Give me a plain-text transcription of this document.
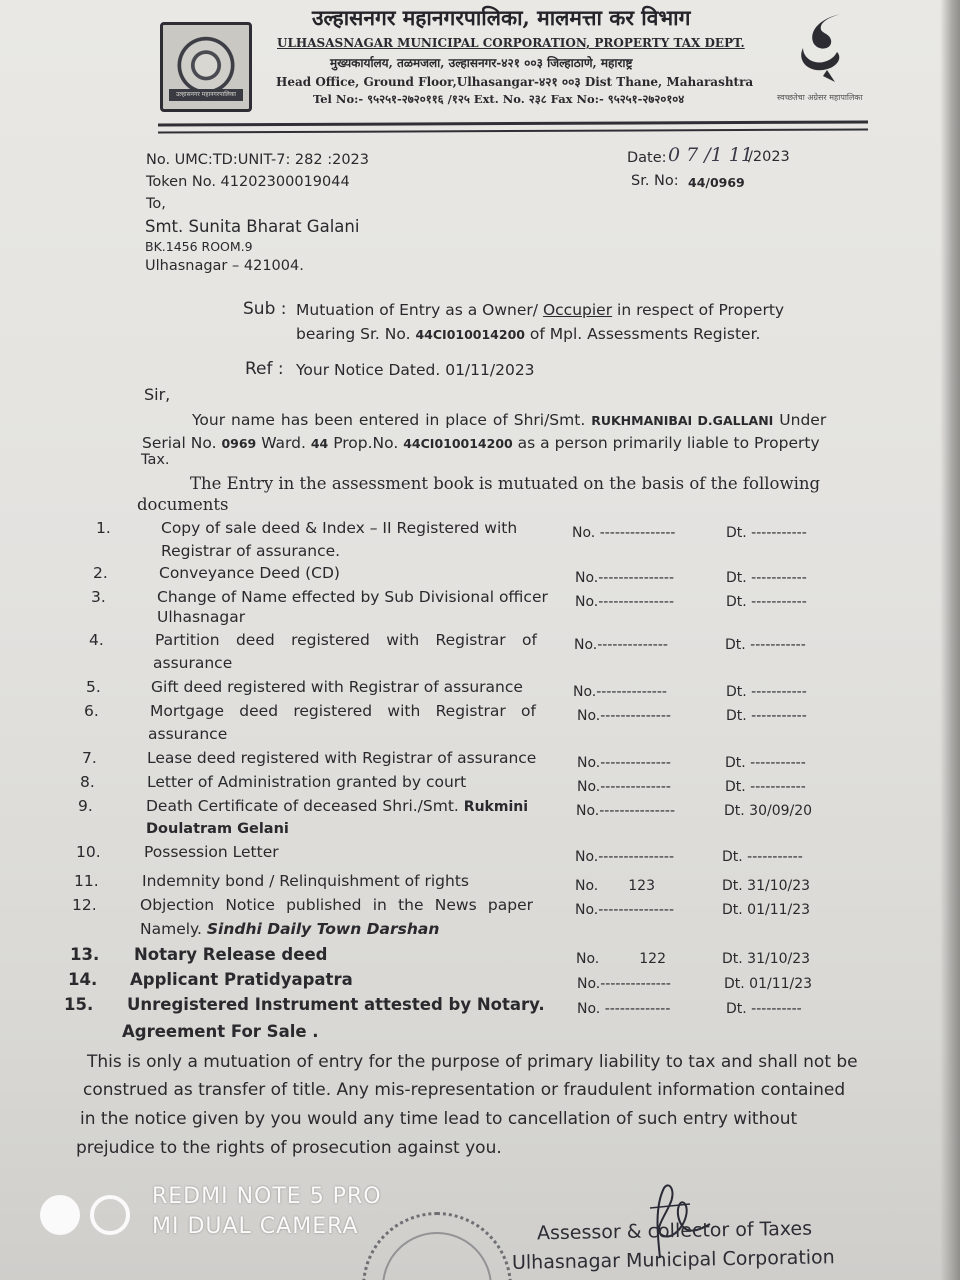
उल्हासनगर महानगरपालिका
उल्हासनगर महानगरपालिका, मालमत्ता कर विभाग
ULHASASNAGAR MUNICIPAL CORPORATION, PROPERTY TAX DEPT.
मुख्यकार्यालय, तळमजला, उल्हासनगर-४२१ ००३ जिल्हाठाणे, महाराष्ट्र
Head Office, Ground Floor,Ulhasangar-४२१ ००३ Dist Thane, Maharashtra
Tel No:- ९५२५१-२७२०११६ /१२५ Ext. No. २३८ Fax No:- ९५२५१-२७२०१०४	स्वच्छतेचा अग्रेसर महापालिका
No. UMC:TD:UNIT-7: 282 :2023
Token No. 41202300019044
Date: 0 7 /1 11
/2023
Sr. No: 44/0969
To,
Smt. Sunita Bharat Galani
BK.1456 ROOM.9
Ulhasnagar – 421004.
Sub : Mutuation of Entry as a Owner/ Occupier in respect of Property
bearing Sr. No. 44CI010014200 of Mpl. Assessments Register.
Ref : Your Notice Dated. 01/11/2023
Sir,
Your name has been entered in place of Shri/Smt. RUKHMANIBAI D.GALLANI Under
Serial No. 0969 Ward. 44 Prop.No. 44CI010014200 as a person primarily liable to Property
Tax.
The Entry in the assessment book is mutuated on the basis of the following
documents
1.	Copy of sale deed & Index – II Registered with
Registrar of assurance.
No. ---------------	Dt. -----------
2.	Conveyance Deed (CD)	No.---------------	Dt. -----------
3.	Change of Name effected by Sub Divisional officer
Ulhasnagar
No.---------------	Dt. -----------
4.	Partition deed registered with Registrar of
assurance
No.--------------	Dt. -----------
5.	Gift deed registered with Registrar of assurance	No.--------------	Dt. -----------
6.	Mortgage deed registered with Registrar of
assurance
No.--------------	Dt. -----------
7.	Lease deed registered with Registrar of assurance	No.--------------	Dt. -----------
8.	Letter of Administration granted by court	No.--------------	Dt. -----------
9.	Death Certificate of deceased Shri./Smt. Rukmini
Doulatram Gelani
No.---------------	Dt. 30/09/20
10.	Possession Letter	No.---------------	Dt. -----------
11.	Indemnity bond / Relinquishment of rights	No. 123	Dt. 31/10/23
12.	Objection Notice published in the News paper
Namely. Sindhi Daily Town Darshan
No.---------------	Dt. 01/11/23
13. Notary Release deed	No.	122	Dt. 31/10/23
14. Applicant Pratidyapatra	No.--------------	Dt. 01/11/23
15. Unregistered Instrument attested by Notary.
Agreement For Sale .
No. -------------	Dt. ----------
This is only a mutuation of entry for the purpose of primary liability to tax and shall not be
construed as transfer of title. Any mis-representation or fraudulent information contained
in the notice given by you would any time lead to cancellation of such entry without
prejudice to the rights of prosecution against you.
Assessor & collector of Taxes
Ulhasnagar Municipal Corporation
REDMI NOTE 5 PRO
MI DUAL CAMERA
